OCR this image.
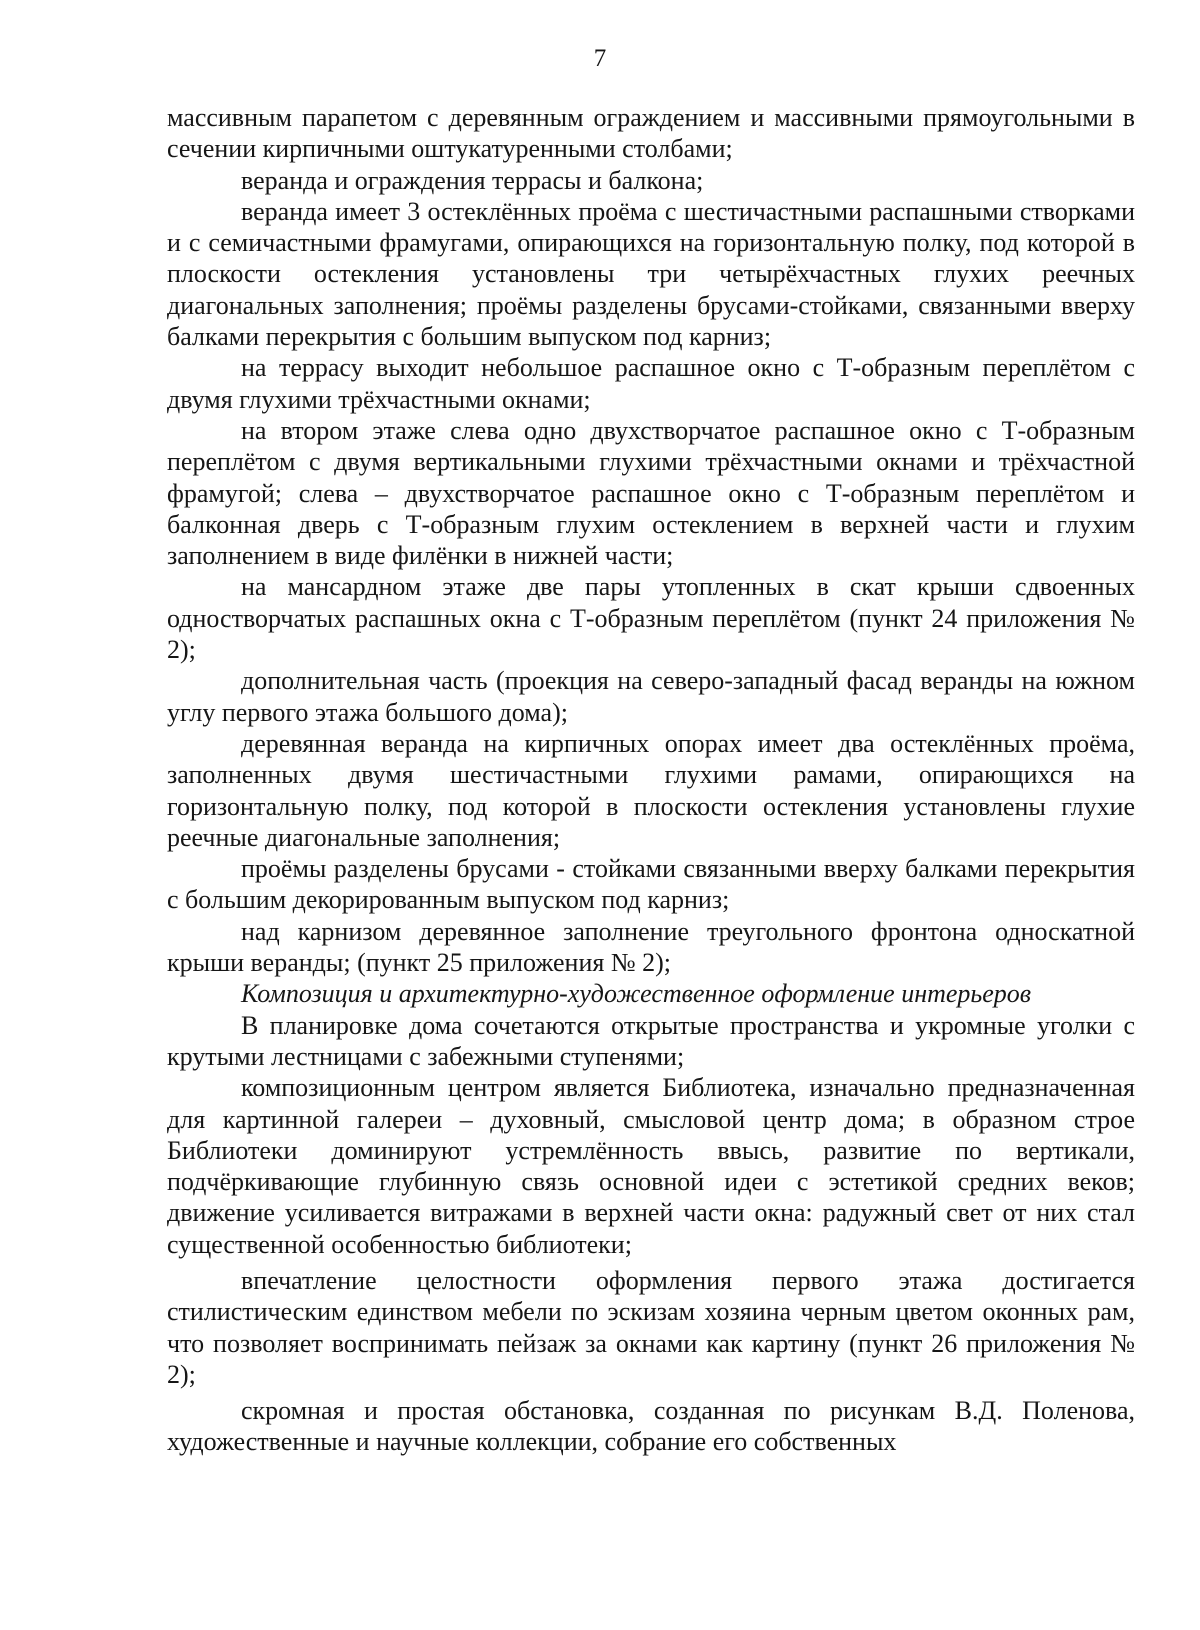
7

массивным парапетом с деревянным ограждением и массивными прямоугольными в сечении кирпичными оштукатуренными столбами;

веранда и ограждения террасы и балкона;

веранда имеет 3 остеклённых проёма с шестичастными распашными створками и с семичастными фрамугами, опирающихся на горизонтальную полку, под которой в плоскости остекления установлены три четырёхчастных глухих реечных диагональных заполнения; проёмы разделены брусами-стойками, связанными вверху балками перекрытия с большим выпуском под карниз;

на террасу выходит небольшое распашное окно с Т-образным переплётом с двумя глухими трёхчастными окнами;

на втором этаже слева одно двухстворчатое распашное окно с Т-образным переплётом с двумя вертикальными глухими трёхчастными окнами и трёхчастной фрамугой; слева – двухстворчатое распашное окно с Т-образным переплётом и балконная дверь с Т-образным глухим остеклением в верхней части и глухим заполнением в виде филёнки в нижней части;

на мансардном этаже две пары утопленных в скат крыши сдвоенных одностворчатых распашных окна с Т-образным переплётом (пункт 24 приложения № 2);

дополнительная часть (проекция на северо-западный фасад веранды на южном углу первого этажа большого дома);

деревянная веранда на кирпичных опорах имеет два остеклённых проёма, заполненных двумя шестичастными глухими рамами, опирающихся на горизонтальную полку, под которой в плоскости остекления установлены глухие реечные диагональные заполнения;

проёмы разделены брусами - стойками связанными вверху балками перекрытия с большим декорированным выпуском под карниз;

над карнизом деревянное заполнение треугольного фронтона односкатной крыши веранды; (пункт 25 приложения № 2);

Композиция и архитектурно-художественное оформление интерьеров

В планировке дома сочетаются открытые пространства и укромные уголки с крутыми лестницами с забежными ступенями;

композиционным центром является Библиотека, изначально предназначенная для картинной галереи – духовный, смысловой центр дома; в образном строе Библиотеки доминируют устремлённость ввысь, развитие по вертикали, подчёркивающие глубинную связь основной идеи с эстетикой средних веков; движение усиливается витражами в верхней части окна: радужный свет от них стал существенной особенностью библиотеки;

впечатление целостности оформления первого этажа достигается стилистическим единством мебели по эскизам хозяина черным цветом оконных рам, что позволяет воспринимать пейзаж за окнами как картину (пункт 26 приложения № 2);

скромная и простая обстановка, созданная по рисункам В.Д. Поленова, художественные и научные коллекции, собрание его собственных
